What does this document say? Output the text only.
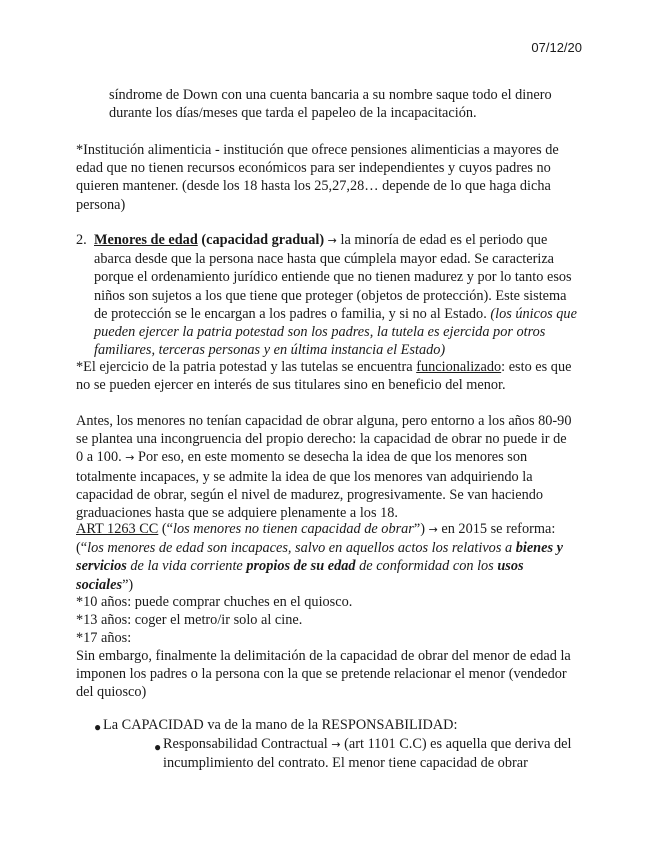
07/12/20

síndrome de Down con una cuenta bancaria a su nombre saque todo el dinero durante los días/meses que tarda el papeleo de la incapacitación.

*Institución alimenticia - institución que ofrece pensiones alimenticias a mayores de edad que no tienen recursos económicos para ser independientes y cuyos padres no quieren mantener. (desde los 18 hasta los 25,27,28… depende de lo que haga dicha persona)

2. Menores de edad (capacidad gradual) → la minoría de edad es el periodo que abarca desde que la persona nace hasta que cúmplela mayor edad. Se caracteriza porque el ordenamiento jurídico entiende que no tienen madurez y por lo tanto esos niños son sujetos a los que tiene que proteger (objetos de protección). Este sistema de protección se le encargan a los padres o familia, y si no al Estado. (los únicos que pueden ejercer la patria potestad son los padres, la tutela es ejercida por otros familiares, terceras personas y en última instancia el Estado)

*El ejercicio de la patria potestad y las tutelas se encuentra funcionalizado: esto es que no se pueden ejercer en interés de sus titulares sino en beneficio del menor.

Antes, los menores no tenían capacidad de obrar alguna, pero entorno a los años 80-90 se plantea una incongruencia del propio derecho: la capacidad de obrar no puede ir de 0 a 100. → Por eso, en este momento se desecha la idea de que los menores son totalmente incapaces, y se admite la idea de que los menores van adquiriendo la capacidad de obrar, según el nivel de madurez, progresivamente. Se van haciendo graduaciones hasta que se adquiere plenamente a los 18.

ART 1263 CC (“los menores no tienen capacidad de obrar”) → en 2015 se reforma: (“los menores de edad son incapaces, salvo en aquellos actos los relativos a bienes y servicios de la vida corriente propios de su edad de conformidad con los usos sociales”)

*10 años: puede comprar chuches en el quiosco.

*13 años: coger el metro/ir solo al cine.

*17 años:

Sin embargo, finalmente la delimitación de la capacidad de obrar del menor de edad la imponen los padres o la persona con la que se pretende relacionar el menor (vendedor del quiosco)

● La CAPACIDAD va de la mano de la RESPONSABILIDAD:

● Responsabilidad Contractual → (art 1101 C.C) es aquella que deriva del incumplimiento del contrato. El menor tiene capacidad de obrar
